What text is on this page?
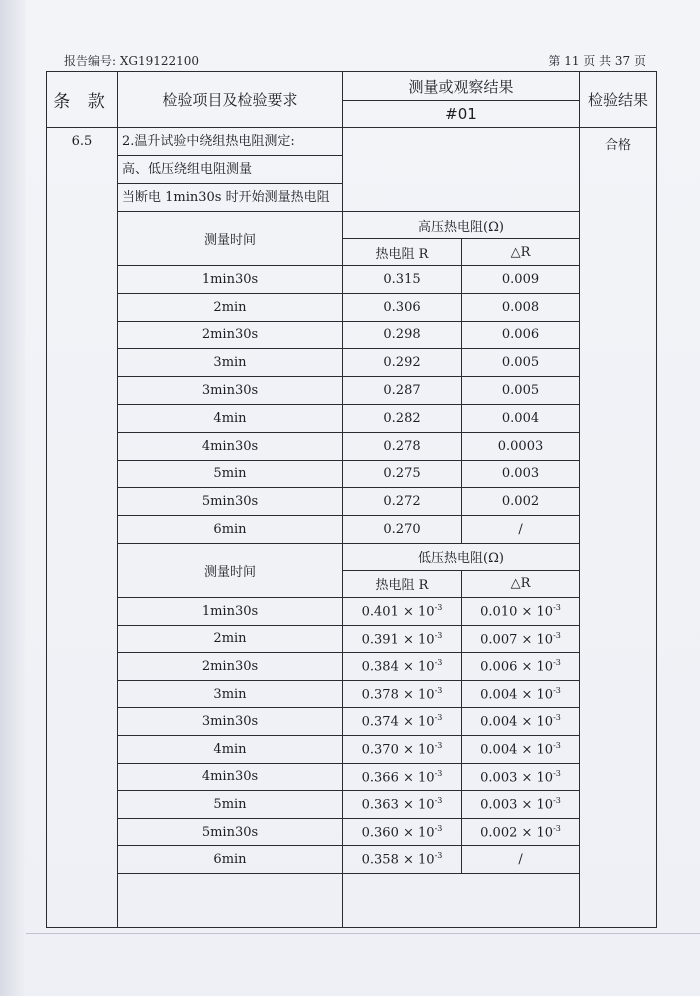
报告编号: XG19122100	第 11 页 共 37 页
条 款	检验项目及检验要求	测量或观察结果		检验结果
		#01		
6.5	2.温升试验中绕组热电阻测定:			合格
	高、低压绕组电阻测量			
	当断电 1min30s 时开始测量热电阻			
	测量时间	高压热电阻(Ω)		
		热电阻 R	△R	
	1min30s	0.315	0.009	
	2min	0.306	0.008	
	2min30s	0.298	0.006	
	3min	0.292	0.005	
	3min30s	0.287	0.005	
	4min	0.282	0.004	
	4min30s	0.278	0.0003	
	5min	0.275	0.003	
	5min30s	0.272	0.002	
	6min	0.270	/	
	测量时间	低压热电阻(Ω)		
		热电阻 R	△R	
	1min30s	$0.401 \times 10^{-3}$	$0.010 \times 10^{-3}$
	2min	$0.391 \times 10^{-3}$	$0.007 \times 10^{-3}$
	2min30s	$0.384 \times 10^{-3}$	$0.006 \times 10^{-3}$
	3min	$0.378 \times 10^{-3}$	$0.004 \times 10^{-3}$
	3min30s	$0.374 \times 10^{-3}$	$0.004 \times 10^{-3}$
	4min	$0.370 \times 10^{-3}$	$0.004 \times 10^{-3}$
	4min30s	$0.366 \times 10^{-3}$	$0.003 \times 10^{-3}$
	5min	$0.363 \times 10^{-3}$	$0.003 \times 10^{-3}$
	5min30s	$0.360 \times 10^{-3}$	$0.002 \times 10^{-3}$
	6min	$0.358 \times 10^{-3}$	/	
